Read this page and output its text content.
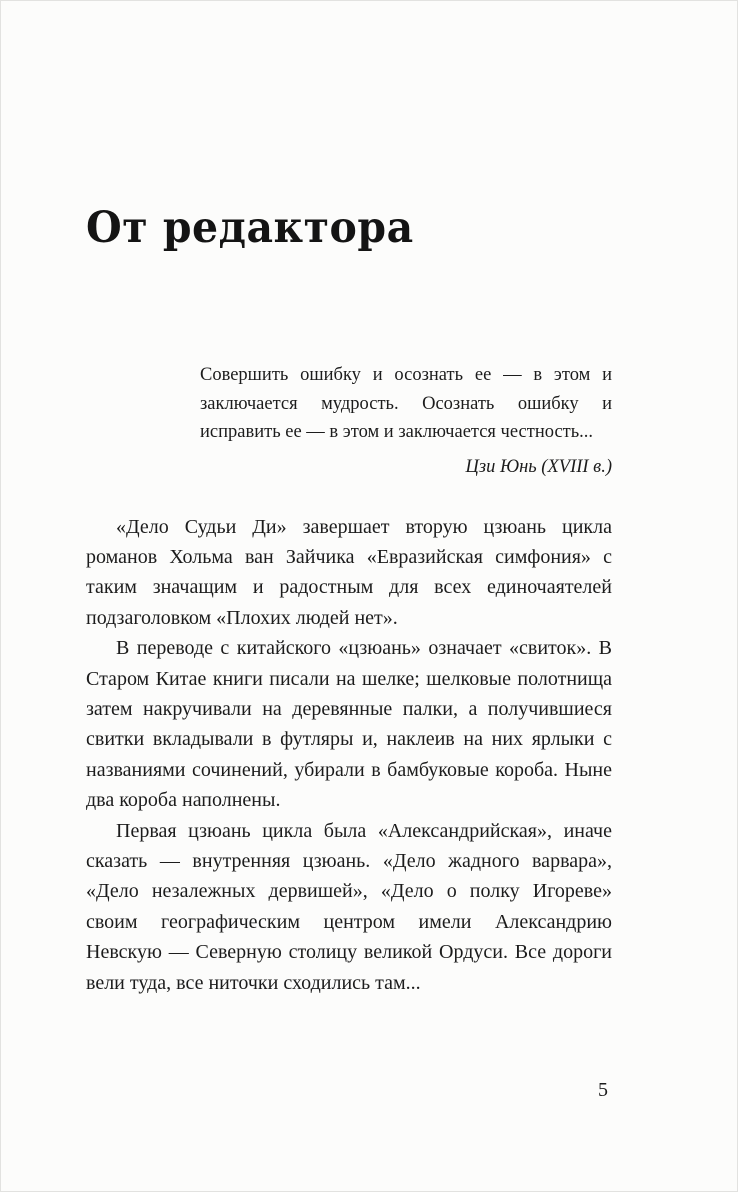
От редактора

Совершить ошибку и осознать ее — в этом и заключается мудрость. Осознать ошибку и исправить ее — в этом и заключается честность...

Цзи Юнь (XVIII в.)

«Дело Судьи Ди» завершает вторую цзюань цикла романов Хольма ван Зайчика «Евразийская симфония» с таким значащим и радостным для всех единочаятелей подзаголовком «Плохих людей нет».

В переводе с китайского «цзюань» означает «свиток». В Старом Китае книги писали на шелке; шелковые полотнища затем накручивали на деревянные палки, а получившиеся свитки вкладывали в футляры и, наклеив на них ярлыки с названиями сочинений, убирали в бамбуковые короба. Ныне два короба наполнены.

Первая цзюань цикла была «Александрийская», иначе сказать — внутренняя цзюань. «Дело жадного варвара», «Дело незалежных дервишей», «Дело о полку Игореве» своим географическим центром имели Александрию Невскую — Северную столицу великой Ордуси. Все дороги вели туда, все ниточки сходились там...

5
